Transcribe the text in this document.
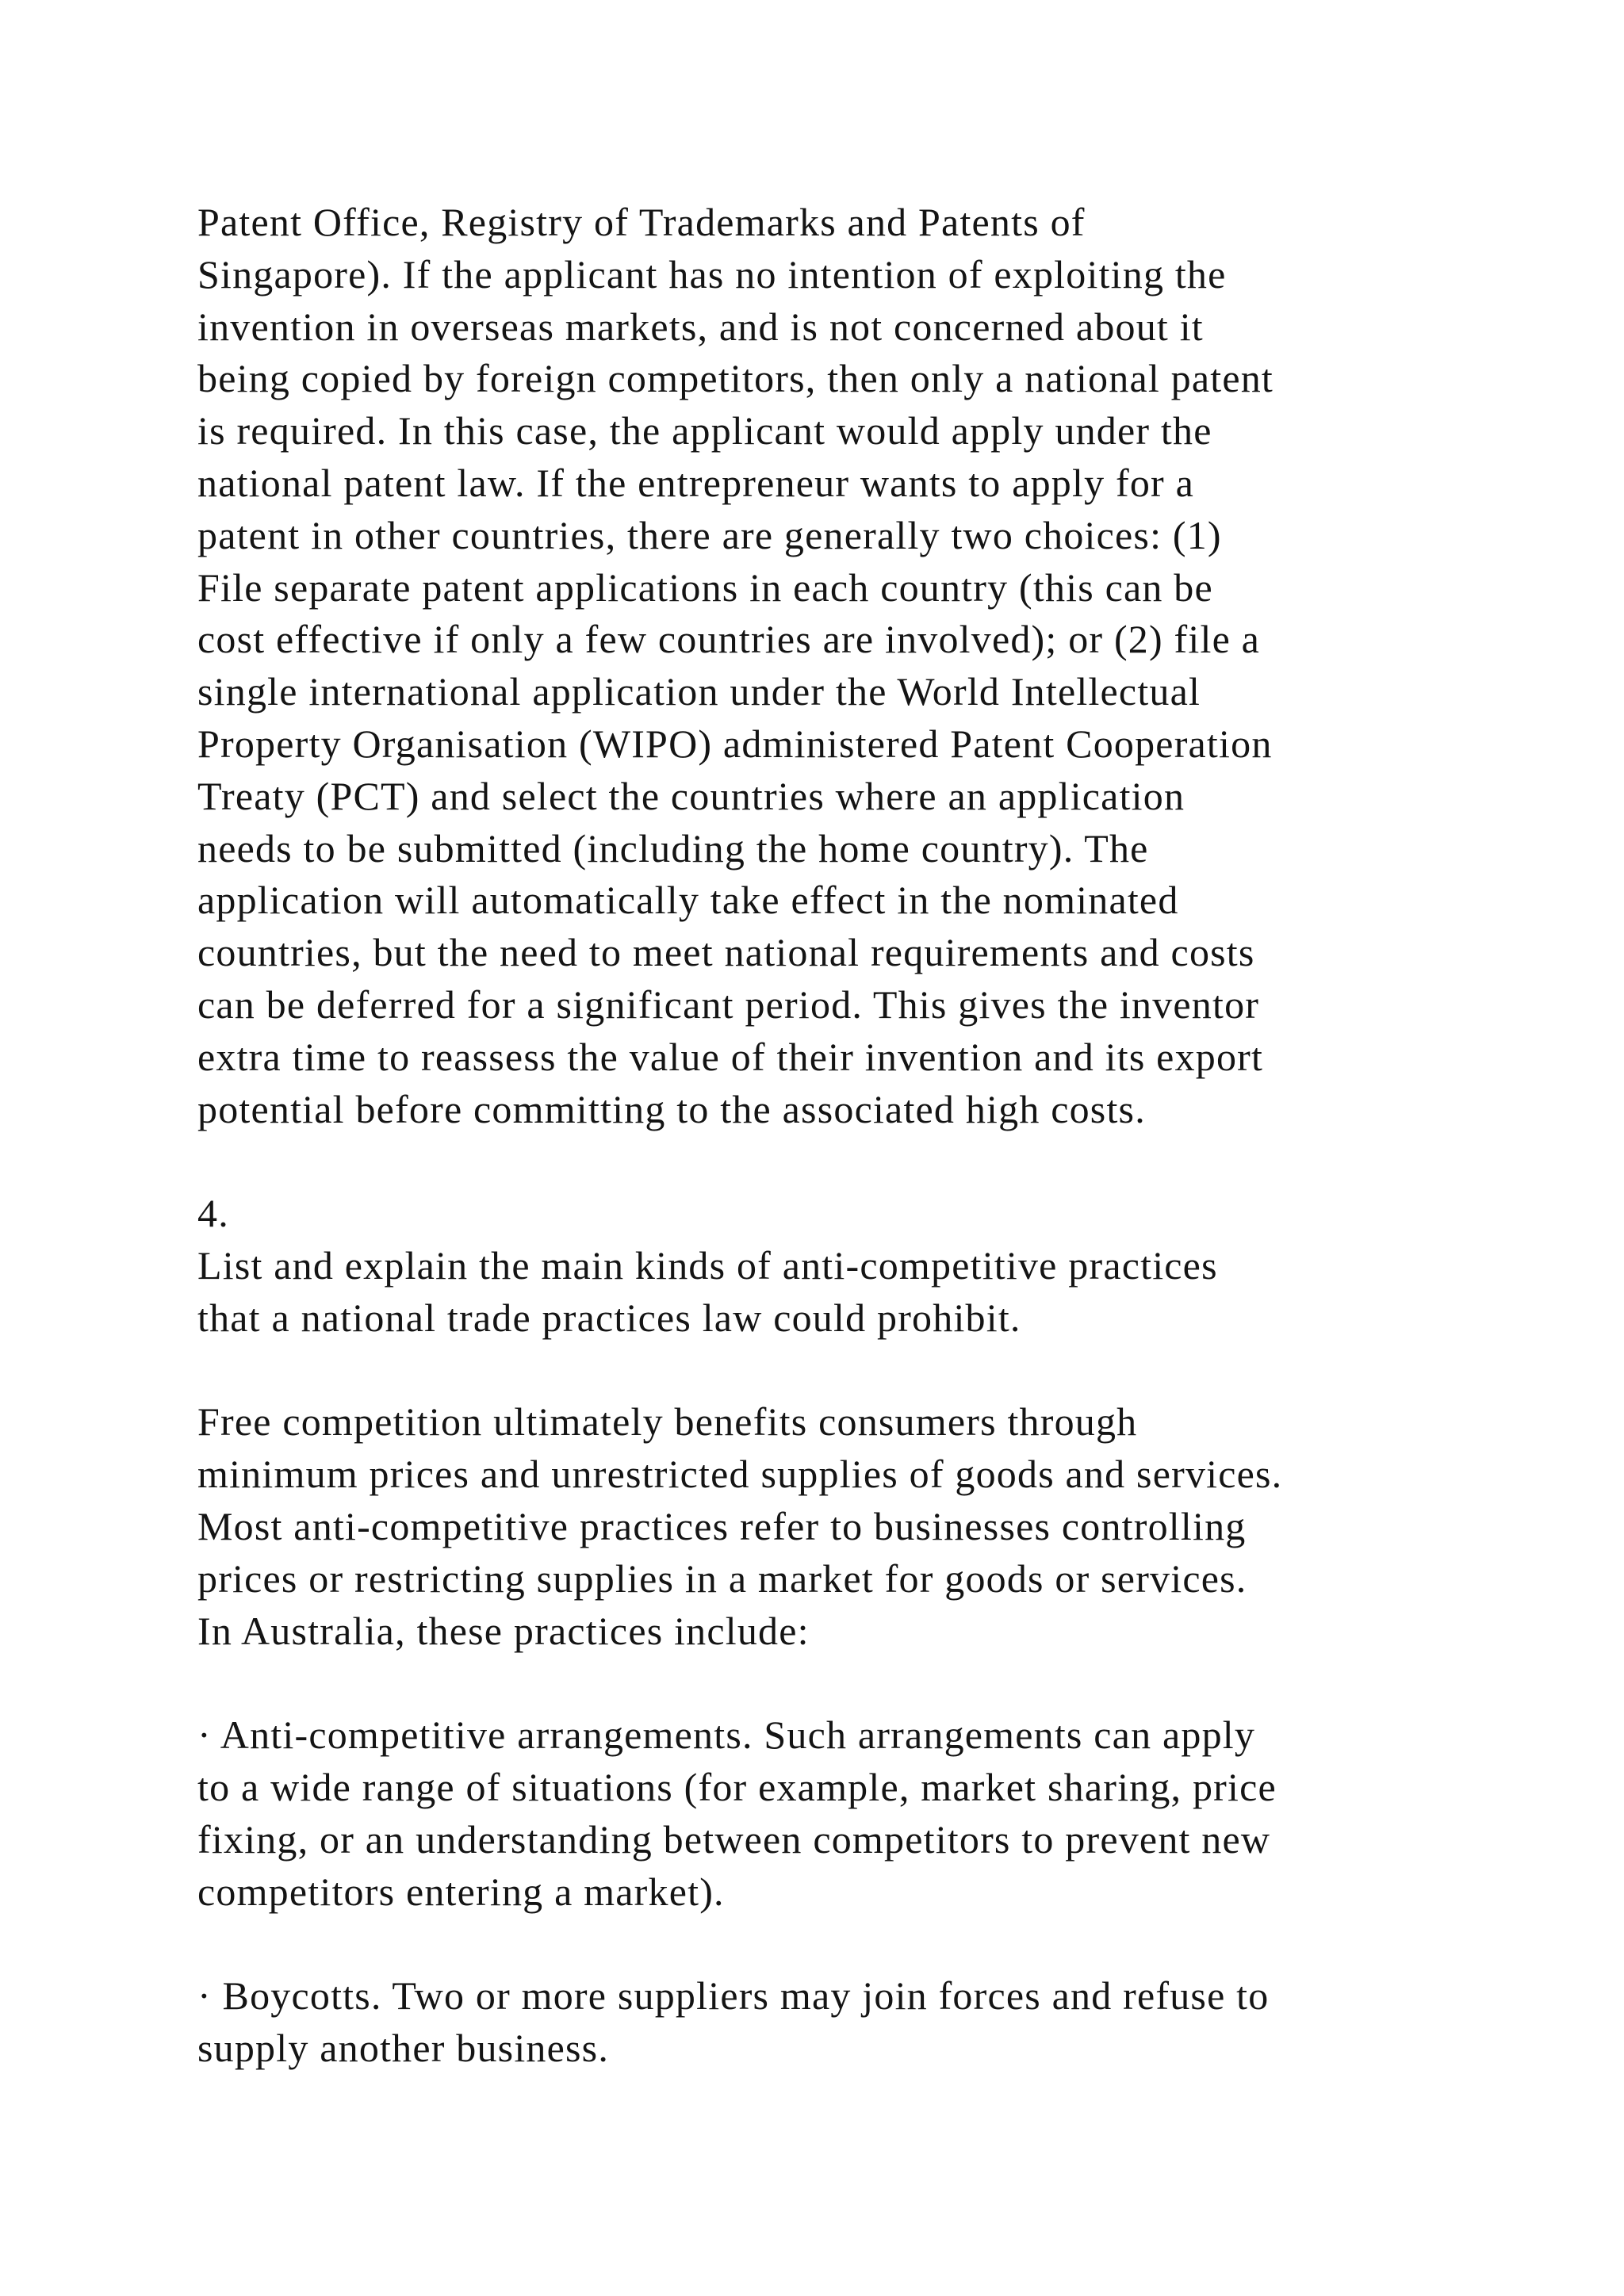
Patent Office, Registry of Trademarks and Patents of
Singapore). If the applicant has no intention of exploiting the
invention in overseas markets, and is not concerned about it
being copied by foreign competitors, then only a national patent
is required. In this case, the applicant would apply under the
national patent law. If the entrepreneur wants to apply for a
patent in other countries, there are generally two choices: (1)
File separate patent applications in each country (this can be
cost effective if only a few countries are involved); or (2) file a
single international application under the World Intellectual
Property Organisation (WIPO) administered Patent Cooperation
Treaty (PCT) and select the countries where an application
needs to be submitted (including the home country). The
application will automatically take effect in the nominated
countries, but the need to meet national requirements and costs
can be deferred for a significant period. This gives the inventor
extra time to reassess the value of their invention and its export
potential before committing to the associated high costs.
4.
List and explain the main kinds of anti-competitive practices
that a national trade practices law could prohibit.
Free competition ultimately benefits consumers through
minimum prices and unrestricted supplies of goods and services.
Most anti-competitive practices refer to businesses controlling
prices or restricting supplies in a market for goods or services.
In Australia, these practices include:
· Anti-competitive arrangements. Such arrangements can apply
to a wide range of situations (for example, market sharing, price
fixing, or an understanding between competitors to prevent new
competitors entering a market).
· Boycotts. Two or more suppliers may join forces and refuse to
supply another business.
